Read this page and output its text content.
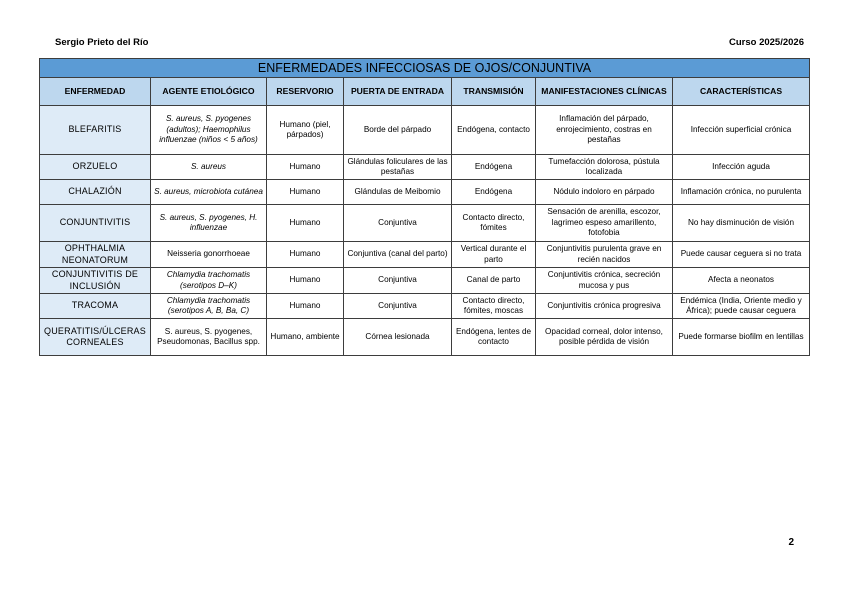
Sergio Prieto del Río	Curso 2025/2026
ENFERMEDADES INFECCIOSAS DE OJOS/CONJUNTIVA						
ENFERMEDAD	AGENTE ETIOLÓGICO	RESERVORIO	PUERTA DE ENTRADA	TRANSMISIÓN	MANIFESTACIONES CLÍNICAS	CARACTERÍSTICAS
BLEFARITIS	S. aureus, S. pyogenes (adultos); Haemophilus influenzae (niños < 5 años)	Humano (piel, párpados)	Borde del párpado	Endógena, contacto	Inflamación del párpado, enrojecimiento, costras en pestañas	Infección superficial crónica
ORZUELO	S. aureus	Humano	Glándulas foliculares de las pestañas	Endógena	Tumefacción dolorosa, pústula localizada	Infección aguda
CHALAZIÓN	S. aureus, microbiota cutánea	Humano	Glándulas de Meibomio	Endógena	Nódulo indoloro en párpado	Inflamación crónica, no purulenta
CONJUNTIVITIS	S. aureus, S. pyogenes, H. influenzae	Humano	Conjuntiva	Contacto directo, fómites	Sensación de arenilla, escozor, lagrimeo espeso amarillento, fotofobia	No hay disminución de visión
OPHTHALMIA NEONATORUM	Neisseria gonorrhoeae	Humano	Conjuntiva (canal del parto)	Vertical durante el parto	Conjuntivitis purulenta grave en recién nacidos	Puede causar ceguera si no trata
CONJUNTIVITIS DE INCLUSIÓN	Chlamydia trachomatis (serotipos D–K)	Humano	Conjuntiva	Canal de parto	Conjuntivitis crónica, secreción mucosa y pus	Afecta a neonatos
TRACOMA	Chlamydia trachomatis (serotipos A, B, Ba, C)	Humano	Conjuntiva	Contacto directo, fómites, moscas	Conjuntivitis crónica progresiva	Endémica (India, Oriente medio y África); puede causar ceguera
QUERATITIS/ÚLCERAS CORNEALES	S. aureus, S. pyogenes, Pseudomonas, Bacillus spp.	Humano, ambiente	Córnea lesionada	Endógena, lentes de contacto	Opacidad corneal, dolor intenso, posible pérdida de visión	Puede formarse biofilm en lentillas
2
